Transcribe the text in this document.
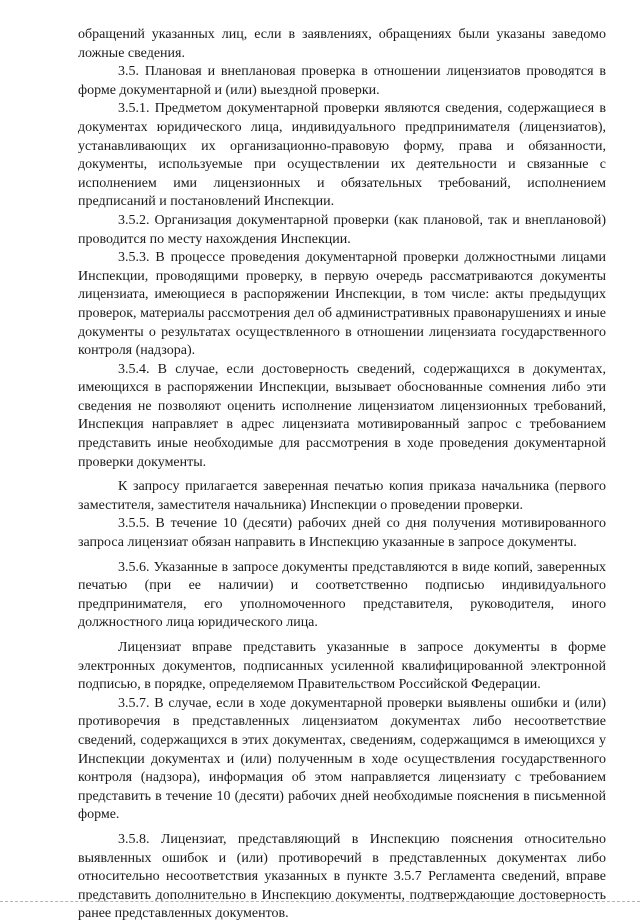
обращений указанных лиц, если в заявлениях, обращениях были указаны заведомо ложные сведения.

3.5. Плановая и внеплановая проверка в отношении лицензиатов проводятся в форме документарной и (или) выездной проверки.

3.5.1. Предметом документарной проверки являются сведения, содержащиеся в документах юридического лица, индивидуального предпринимателя (лицензиатов), устанавливающих их организационно-правовую форму, права и обязанности, документы, используемые при осуществлении их деятельности и связанные с исполнением ими лицензионных и обязательных требований, исполнением предписаний и постановлений Инспекции.

3.5.2. Организация документарной проверки (как плановой, так и внеплановой) проводится по месту нахождения Инспекции.

3.5.3. В процессе проведения документарной проверки должностными лицами Инспекции, проводящими проверку, в первую очередь рассматриваются документы лицензиата, имеющиеся в распоряжении Инспекции, в том числе: акты предыдущих проверок, материалы рассмотрения дел об административных правонарушениях и иные документы о результатах осуществленного в отношении лицензиата государственного контроля (надзора).

3.5.4. В случае, если достоверность сведений, содержащихся в документах, имеющихся в распоряжении Инспекции, вызывает обоснованные сомнения либо эти сведения не позволяют оценить исполнение лицензиатом лицензионных требований, Инспекция направляет в адрес лицензиата мотивированный запрос с требованием представить иные необходимые для рассмотрения в ходе проведения документарной проверки документы.

К запросу прилагается заверенная печатью копия приказа начальника (первого заместителя, заместителя начальника) Инспекции о проведении проверки.

3.5.5. В течение 10 (десяти) рабочих дней со дня получения мотивированного запроса лицензиат обязан направить в Инспекцию указанные в запросе документы.

3.5.6. Указанные в запросе документы представляются в виде копий, заверенных печатью (при ее наличии) и соответственно подписью индивидуального предпринимателя, его уполномоченного представителя, руководителя, иного должностного лица юридического лица.

Лицензиат вправе представить указанные в запросе документы в форме электронных документов, подписанных усиленной квалифицированной электронной подписью, в порядке, определяемом Правительством Российской Федерации.

3.5.7. В случае, если в ходе документарной проверки выявлены ошибки и (или) противоречия в представленных лицензиатом документах либо несоответствие сведений, содержащихся в этих документах, сведениям, содержащимся в имеющихся у Инспекции документах и (или) полученным в ходе осуществления государственного контроля (надзора), информация об этом направляется лицензиату с требованием представить в течение 10 (десяти) рабочих дней необходимые пояснения в письменной форме.

3.5.8. Лицензиат, представляющий в Инспекцию пояснения относительно выявленных ошибок и (или) противоречий в представленных документах либо относительно несоответствия указанных в пункте 3.5.7 Регламента сведений, вправе представить дополнительно в Инспекцию документы, подтверждающие достоверность ранее представленных документов.
